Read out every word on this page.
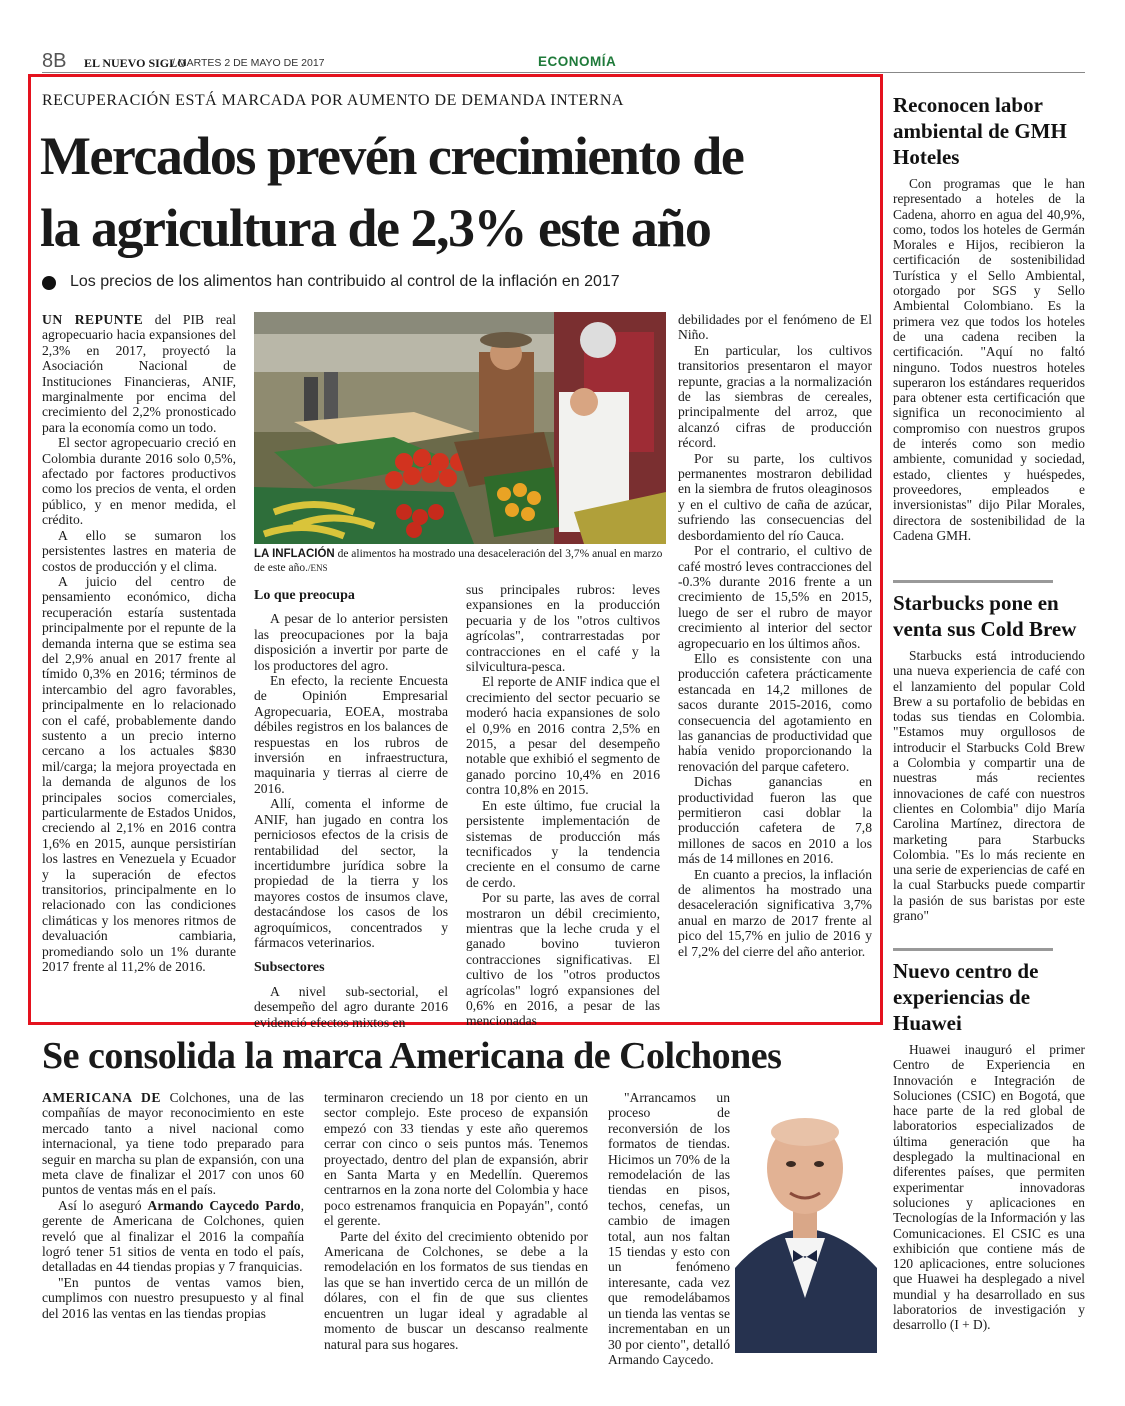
8B EL NUEVO SIGLO
/ MARTES 2 DE MAYO DE 2017	ECONOMÍA
RECUPERACIÓN ESTÁ MARCADA POR AUMENTO DE DEMANDA INTERNA
Mercados prevén crecimiento de
la agricultura de 2,3% este año
Los precios de los alimentos han contribuido al control de la inflación en 2017

UN REPUNTE del PIB real agropecuario hacia expansiones del 2,3% en 2017, proyectó la Asociación Nacional de Instituciones Financieras, ANIF, marginalmente por encima del crecimiento del 2,2% pronosticado para la economía como un todo.

El sector agropecuario creció en Colombia durante 2016 solo 0,5%, afectado por factores productivos como los precios de venta, el orden público, y en menor medida, el crédito.

A ello se sumaron los persistentes lastres en materia de costos de producción y el clima.

A juicio del centro de pensamiento económico, dicha recuperación estaría sustentada principalmente por el repunte de la demanda interna que se estima sea del 2,9% anual en 2017 frente al tímido 0,3% en 2016; términos de intercambio del agro favorables, principalmente en lo relacionado con el café, probablemente dando sustento a un precio interno cercano a los actuales $830 mil/carga; la mejora proyectada en la demanda de algunos de los principales socios comerciales, particularmente de Estados Unidos, creciendo al 2,1% en 2016 contra 1,6% en 2015, aunque persistirían los lastres en Venezuela y Ecuador y la superación de efectos transitorios, principalmente en lo relacionado con las condiciones climáticas y los menores ritmos de devaluación cambiaria, promediando solo un 1% durante 2017 frente al 11,2% de 2016.

LA INFLACIÓN de alimentos ha mostrado una desaceleración del 3,7% anual en marzo de este año./ENS

Lo que preocupa

A pesar de lo anterior persisten las preocupaciones por la baja disposición a invertir por parte de los productores del agro.

En efecto, la reciente Encuesta de Opinión Empresarial Agropecuaria, EOEA, mostraba débiles registros en los balances de respuestas en los rubros de inversión en infraestructura, maquinaria y tierras al cierre de 2016.

Allí, comenta el informe de ANIF, han jugado en contra los perniciosos efectos de la crisis de rentabilidad del sector, la incertidumbre jurídica sobre la propiedad de la tierra y los mayores costos de insumos clave, destacándose los casos de los agroquímicos, concentrados y fármacos veterinarios.

Subsectores

A nivel sub-sectorial, el desempeño del agro durante 2016 evidenció efectos mixtos en

sus principales rubros: leves expansiones en la producción pecuaria y de los "otros cultivos agrícolas", contrarrestadas por contracciones en el café y la silvicultura-pesca.

El reporte de ANIF indica que el crecimiento del sector pecuario se moderó hacia expansiones de solo el 0,9% en 2016 contra 2,5% en 2015, a pesar del desempeño notable que exhibió el segmento de ganado porcino 10,4% en 2016 contra 10,8% en 2015.

En este último, fue crucial la persistente implementación de sistemas de producción más tecnificados y la tendencia creciente en el consumo de carne de cerdo.

Por su parte, las aves de corral mostraron un débil crecimiento, mientras que la leche cruda y el ganado bovino tuvieron contracciones significativas. El cultivo de los "otros productos agrícolas" logró expansiones del 0,6% en 2016, a pesar de las mencionadas

debilidades por el fenómeno de El Niño.

En particular, los cultivos transitorios presentaron el mayor repunte, gracias a la normalización de las siembras de cereales, principalmente del arroz, que alcanzó cifras de producción récord.

Por su parte, los cultivos permanentes mostraron debilidad en la siembra de frutos oleaginosos y en el cultivo de caña de azúcar, sufriendo las consecuencias del desbordamiento del río Cauca.

Por el contrario, el cultivo de café mostró leves contracciones del -0.3% durante 2016 frente a un crecimiento de 15,5% en 2015, luego de ser el rubro de mayor crecimiento al interior del sector agropecuario en los últimos años.

Ello es consistente con una producción cafetera prácticamente estancada en 14,2 millones de sacos durante 2015-2016, como consecuencia del agotamiento en las ganancias de productividad que había venido proporcionando la renovación del parque cafetero.

Dichas ganancias en productividad fueron las que permitieron casi doblar la producción cafetera de 7,8 millones de sacos en 2010 a los más de 14 millones en 2016.

En cuanto a precios, la inflación de alimentos ha mostrado una desaceleración significativa 3,7% anual en marzo de 2017 frente al pico del 15,7% en julio de 2016 y el 7,2% del cierre del año anterior.

Se consolida la marca Americana de Colchones

AMERICANA DE Colchones, una de las compañías de mayor reconocimiento en este mercado tanto a nivel nacional como internacional, ya tiene todo preparado para seguir en marcha su plan de expansión, con una meta clave de finalizar el 2017 con unos 60 puntos de ventas más en el país.

Así lo aseguró Armando Caycedo Pardo, gerente de Americana de Colchones, quien reveló que al finalizar el 2016 la compañía logró tener 51 sitios de venta en todo el país, detalladas en 44 tiendas propias y 7 franquicias.

"En puntos de ventas vamos bien, cumplimos con nuestro presupuesto y al final del 2016 las ventas en las tiendas propias

terminaron creciendo un 18 por ciento en un sector complejo. Este proceso de expansión empezó con 33 tiendas y este año queremos cerrar con cinco o seis puntos más. Tenemos proyectado, dentro del plan de expansión, abrir en Santa Marta y en Medellín. Queremos centrarnos en la zona norte del Colombia y hace poco estrenamos franquicia en Popayán", contó el gerente.

Parte del éxito del crecimiento obtenido por Americana de Colchones, se debe a la remodelación en los formatos de sus tiendas en las que se han invertido cerca de un millón de dólares, con el fin de que sus clientes encuentren un lugar ideal y agradable al momento de buscar un descanso realmente natural para sus hogares.

"Arrancamos un proceso de reconversión de los formatos de tiendas. Hicimos un 70% de la remodelación de las tiendas en pisos, techos, cenefas, un cambio de imagen total, aun nos faltan 15 tiendas y esto con un fenómeno interesante, cada vez que remodelábamos un tienda las ventas se incrementaban en un 30 por ciento", detalló Armando Caycedo.

Reconocen labor ambiental de GMH Hoteles

Con programas que le han representado a hoteles de la Cadena, ahorro en agua del 40,9%, como, todos los hoteles de Germán Morales e Hijos, recibieron la certificación de sostenibilidad Turística y el Sello Ambiental, otorgado por SGS y Sello Ambiental Colombiano. Es la primera vez que todos los hoteles de una cadena reciben la certificación. "Aquí no faltó ninguno. Todos nuestros hoteles superaron los estándares requeridos para obtener esta certificación que significa un reconocimiento al compromiso con nuestros grupos de interés como son medio ambiente, comunidad y sociedad, estado, clientes y huéspedes, proveedores, empleados e inversionistas" dijo Pilar Morales, directora de sostenibilidad de la Cadena GMH.

Starbucks pone en venta sus Cold Brew

Starbucks está introduciendo una nueva experiencia de café con el lanzamiento del popular Cold Brew a su portafolio de bebidas en todas sus tiendas en Colombia. "Estamos muy orgullosos de introducir el Starbucks Cold Brew a Colombia y compartir una de nuestras más recientes innovaciones de café con nuestros clientes en Colombia" dijo María Carolina Martínez, directora de marketing para Starbucks Colombia. "Es lo más reciente en una serie de experiencias de café en la cual Starbucks puede compartir la pasión de sus baristas por este grano"

Nuevo centro de experiencias de Huawei

Huawei inauguró el primer Centro de Experiencia en Innovación e Integración de Soluciones (CSIC) en Bogotá, que hace parte de la red global de laboratorios especializados de última generación que ha desplegado la multinacional en diferentes países, que permiten experimentar innovadoras soluciones y aplicaciones en Tecnologías de la Información y las Comunicaciones. El CSIC es una exhibición que contiene más de 120 aplicaciones, entre soluciones que Huawei ha desplegado a nivel mundial y ha desarrollado en sus laboratorios de investigación y desarrollo (I + D).
